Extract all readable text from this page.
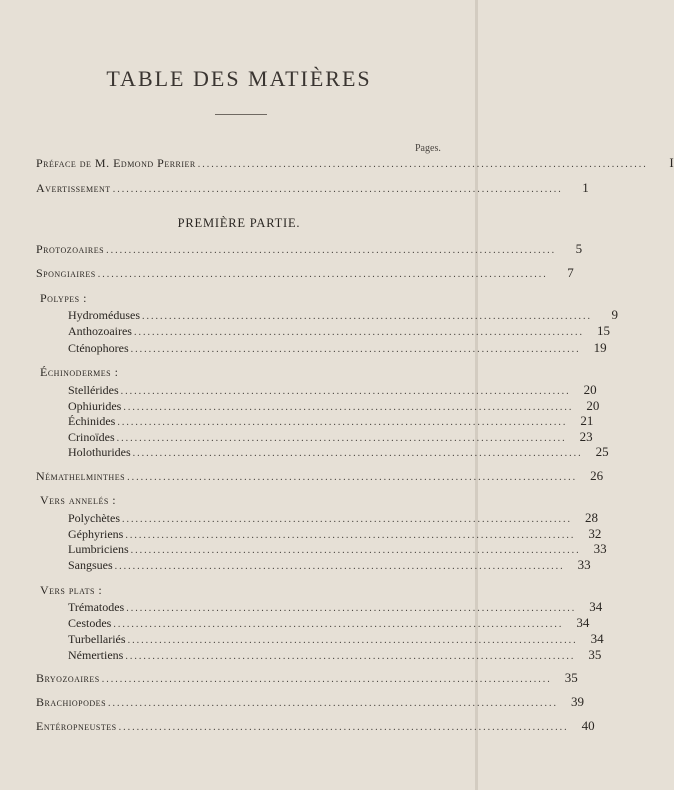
TABLE DES MATIÈRES
Pages.
Préface de M. Edmond Perrier ....................................................................................................	I
Avertissement ....................................................................................................	1
PREMIÈRE PARTIE.
Protozoaires ....................................................................................................	5
Spongiaires ....................................................................................................	7
Polypes :
Hydroméduses ....................................................................................................	9
Anthozoaires ....................................................................................................	15
Cténophores ....................................................................................................	19
Échinodermes :
Stellérides ....................................................................................................	20
Ophiurides ....................................................................................................	20
Échinides ....................................................................................................	21
Crinoïdes ....................................................................................................	23
Holothurides ....................................................................................................	25
Némathelminthes ....................................................................................................	26
Vers annelés :
Polychètes ....................................................................................................	28
Géphyriens ....................................................................................................	32
Lumbriciens ....................................................................................................	33
Sangsues ....................................................................................................	33
Vers plats :
Trématodes ....................................................................................................	34
Cestodes ....................................................................................................	34
Turbellariés ....................................................................................................	34
Némertiens ....................................................................................................	35
Bryozoaires ....................................................................................................	35
Brachiopodes ....................................................................................................	39
Entéropneustes ....................................................................................................	40
